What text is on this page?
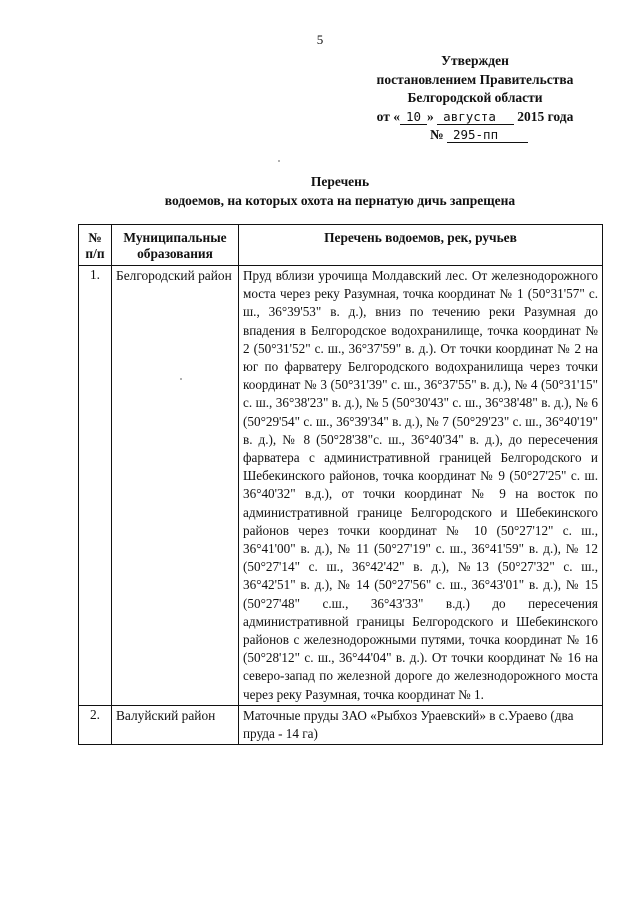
5
Утвержден
постановлением Правительства
Белгородской области
от « 10 » августа 2015 года
№ 295-пп
Перечень
водоемов, на которых охота на пернатую дичь запрещена
№ п/п	Муниципальные образования	Перечень водоемов, рек, ручьев
1.	Белгородский район	Пруд вблизи урочища Молдавский лес. От железнодорожного моста через реку Разумная, точка координат № 1 (50°31'57" с. ш., 36°39'53" в. д.), вниз по течению реки Разумная до впадения в Белгородское водохранилище, точка координат № 2 (50°31'52" с. ш., 36°37'59" в. д.). От точки координат № 2 на юг по фарватеру Белгородского водохранилища через точки координат № 3 (50°31'39" с. ш., 36°37'55" в. д.), № 4 (50°31'15" с. ш., 36°38'23" в. д.), № 5 (50°30'43" с. ш., 36°38'48" в. д.), № 6 (50°29'54" с. ш., 36°39'34" в. д.), № 7 (50°29'23" с. ш., 36°40'19" в. д.), № 8 (50°28'38"с. ш., 36°40'34" в. д.), до пересечения фарватера с административной границей Белгородского и Шебекинского районов, точка координат № 9 (50°27'25" с. ш. 36°40'32" в.д.), от точки координат № 9 на восток по административной границе Белгородского и Шебекинского районов через точки координат № 10 (50°27'12" с. ш., 36°41'00" в. д.), № 11 (50°27'19" с. ш., 36°41'59" в. д.), № 12 (50°27'14" с. ш., 36°42'42" в. д.), №13 (50°27'32" с. ш., 36°42'51" в. д.), № 14 (50°27'56" с. ш., 36°43'01" в. д.), № 15 (50°27'48" с.ш., 36°43'33" в.д.) до пересечения административной границы Белгородского и Шебекинского районов с железнодорожными путями, точка координат № 16 (50°28'12" с. ш., 36°44'04" в. д.). От точки координат № 16 на северо-запад по железной дороге до железнодорожного моста через реку Разумная, точка координат № 1.
2.	Валуйский район	Маточные пруды ЗАО «Рыбхоз Ураевский» в с.Ураево (два пруда - 14 га)
